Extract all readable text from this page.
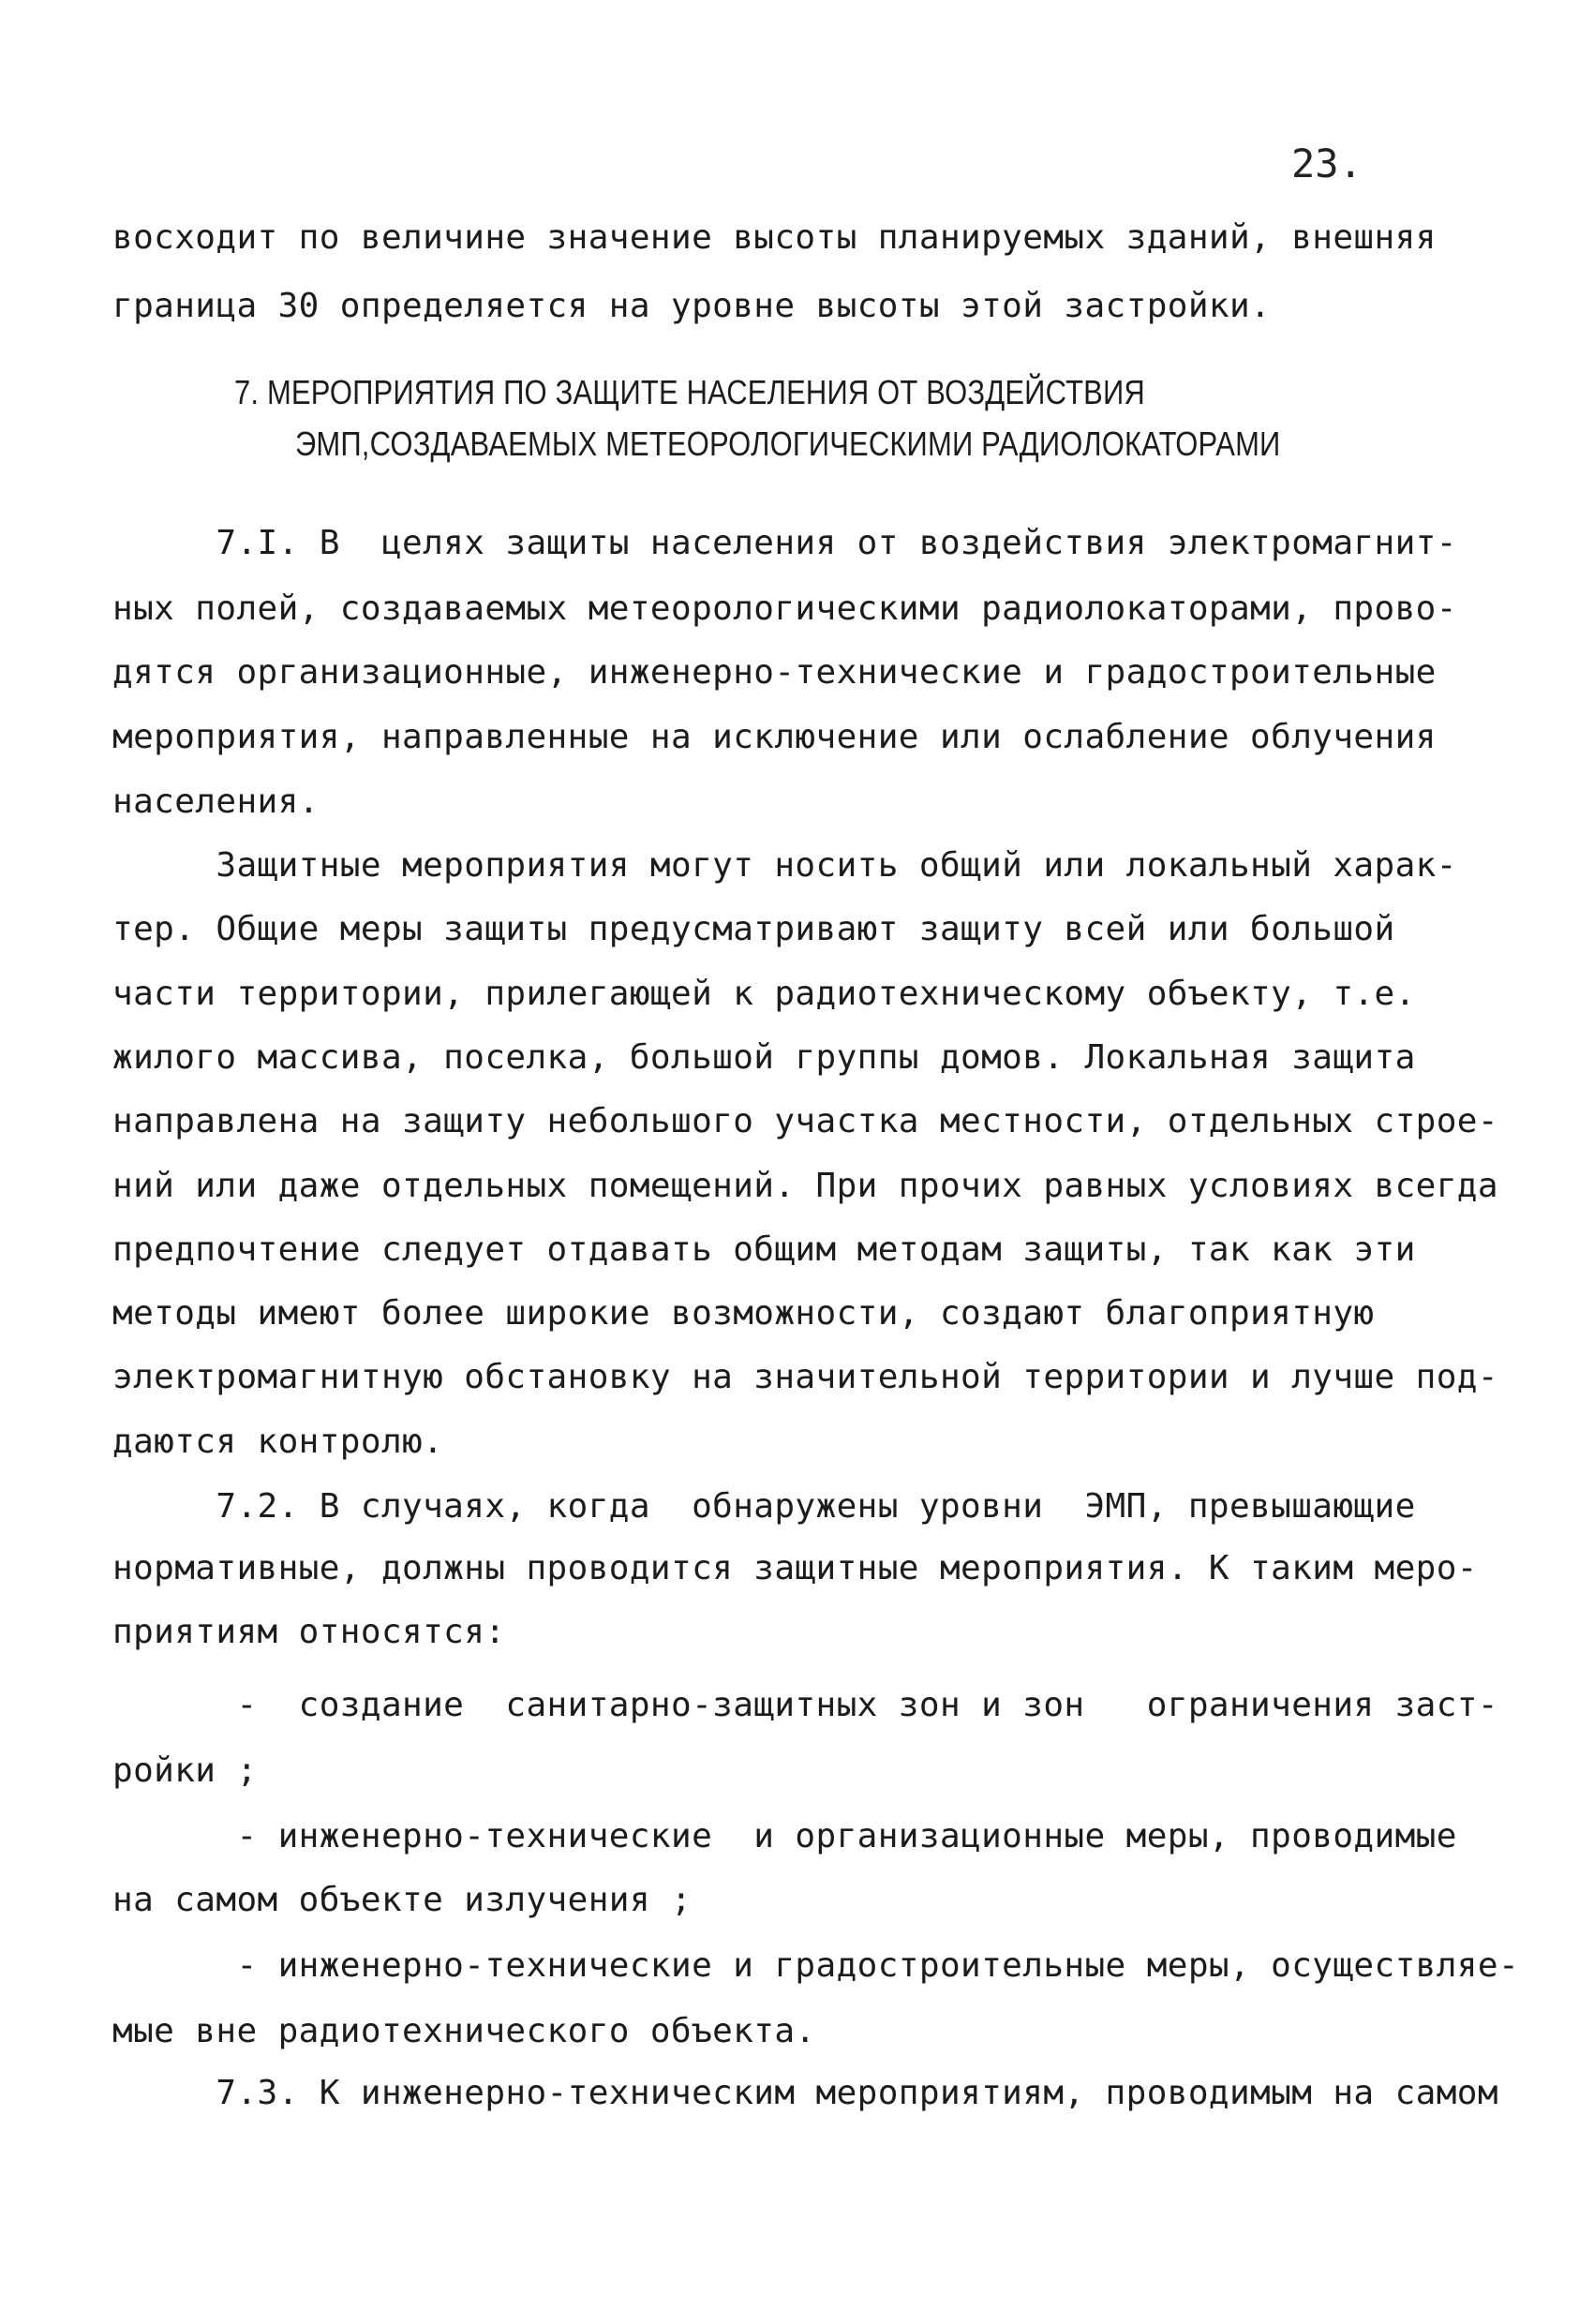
23.

восходит по величине значение высоты планируемых зданий, внешняя

граница 30 определяется на уровне высоты этой застройки.

7. МЕРОПРИЯТИЯ ПО ЗАЩИТЕ НАСЕЛЕНИЯ ОТ ВОЗДЕЙСТВИЯ

ЭМП,СОЗДАВАЕМЫХ МЕТЕОРОЛОГИЧЕСКИМИ РАДИОЛОКАТОРАМИ

7.I. В  целях защиты населения от воздействия электромагнит-

ных полей, создаваемых метеорологическими радиолокаторами, прово-

дятся организационные, инженерно-технические и градостроительные

мероприятия, направленные на исключение или ослабление облучения

населения.

Защитные мероприятия могут носить общий или локальный харак-

тер. Общие меры защиты предусматривают защиту всей или большой

части территории, прилегающей к радиотехническому объекту, т.е.

жилого массива, поселка, большой группы домов. Локальная защита

направлена на защиту небольшого участка местности, отдельных строе-

ний или даже отдельных помещений. При прочих равных условиях всегда

предпочтение следует отдавать общим методам защиты, так как эти

методы имеют более широкие возможности, создают благоприятную

электромагнитную обстановку на значительной территории и лучше под-

даются контролю.

7.2. В случаях, когда  обнаружены уровни  ЭМП, превышающие

нормативные, должны проводится защитные мероприятия. К таким меро-

приятиям относятся:

-  создание  санитарно-защитных зон и зон   ограничения заст-

ройки ;

- инженерно-технические  и организационные меры, проводимые

на самом объекте излучения ;

- инженерно-технические и градостроительные меры, осуществляе-

мые вне радиотехнического объекта.

7.3. К инженерно-техническим мероприятиям, проводимым на самом
